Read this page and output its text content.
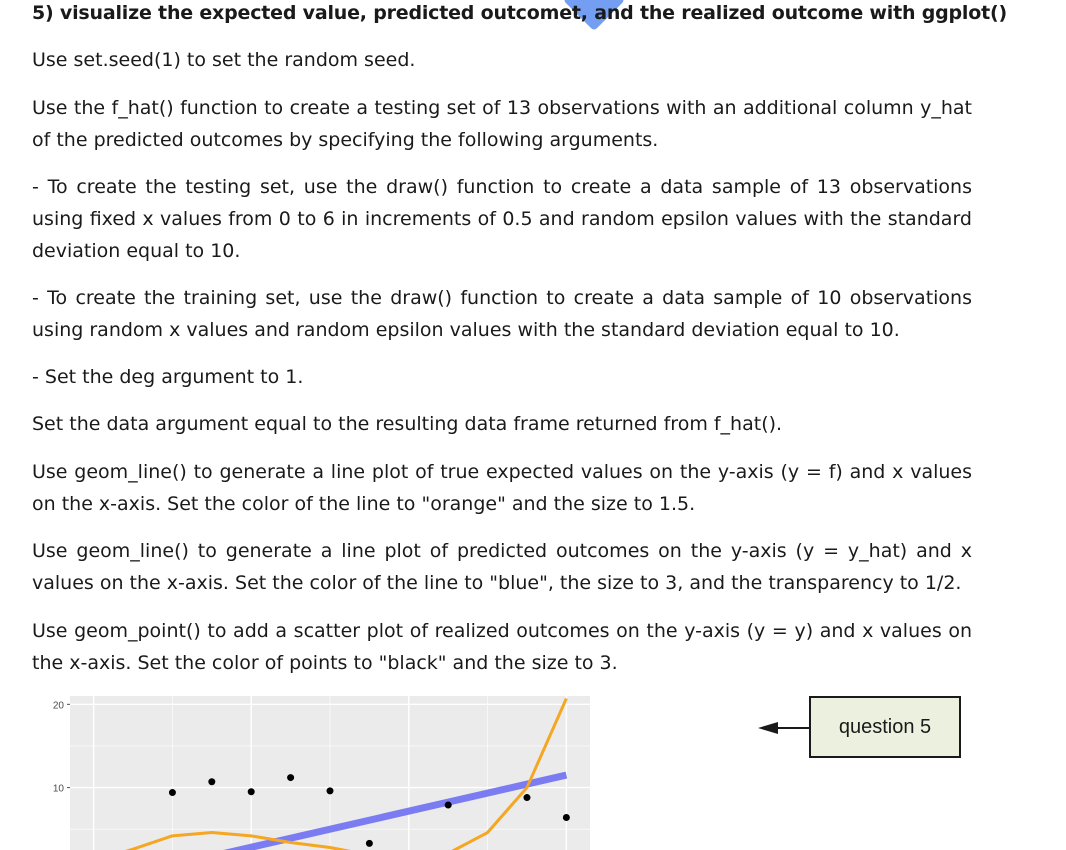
5) visualize the expected value, predicted outcomet, and the realized outcome with ggplot()

Use set.seed(1) to set the random seed.

Use the f_hat() function to create a testing set of 13 observations with an additional column y_hat of the predicted outcomes by specifying the following arguments.

- To create the testing set, use the draw() function to create a data sample of 13 observations using fixed x values from 0 to 6 in increments of 0.5 and random epsilon values with the standard deviation equal to 10.

- To create the training set, use the draw() function to create a data sample of 10 observations using random x values and random epsilon values with the standard deviation equal to 10.

- Set the deg argument to 1.

Set the data argument equal to the resulting data frame returned from f_hat().

Use geom_line() to generate a line plot of true expected values on the y-axis (y = f) and x values on the x-axis. Set the color of the line to "orange" and the size to 1.5.

Use geom_line() to generate a line plot of predicted outcomes on the y-axis (y = y_hat) and x values on the x-axis. Set the color of the line to "blue", the size to 3, and the transparency to 1/2.

Use geom_point() to add a scatter plot of realized outcomes on the y-axis (y = y) and x values on the x-axis. Set the color of points to "black" and the size to 3.

20
10
question 5
